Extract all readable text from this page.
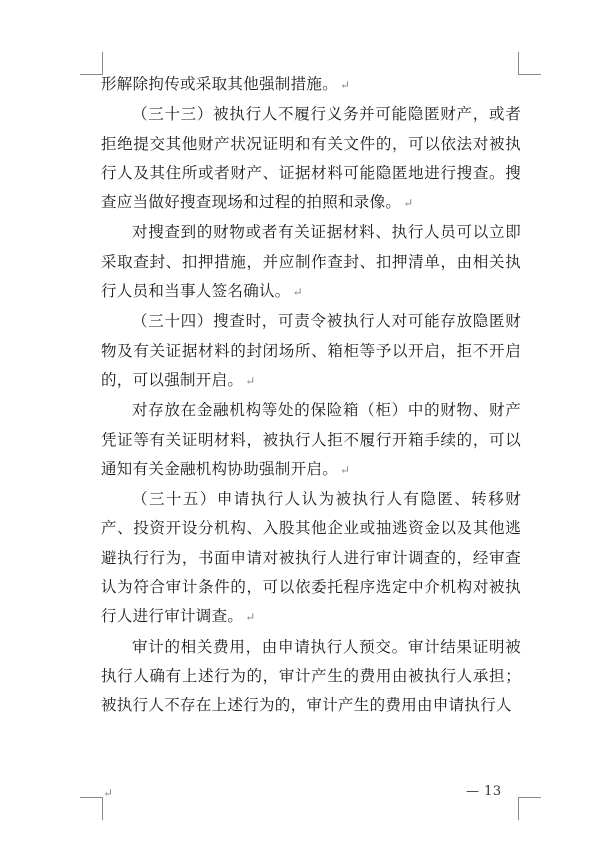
形解除拘传或采取其他强制措施。 ↵

（三十三）被执行人不履行义务并可能隐匿财产，或者拒绝提交其他财产状况证明和有关文件的，可以依法对被执行人及其住所或者财产、证据材料可能隐匿地进行搜查。搜查应当做好搜查现场和过程的拍照和录像。 ↵

对搜查到的财物或者有关证据材料、执行人员可以立即采取查封、扣押措施，并应制作查封、扣押清单，由相关执行人员和当事人签名确认。 ↵

（三十四）搜查时，可责令被执行人对可能存放隐匿财物及有关证据材料的封闭场所、箱柜等予以开启，拒不开启的，可以强制开启。 ↵

对存放在金融机构等处的保险箱（柜）中的财物、财产凭证等有关证明材料，被执行人拒不履行开箱手续的，可以通知有关金融机构协助强制开启。 ↵

（三十五）申请执行人认为被执行人有隐匿、转移财产、投资开设分机构、入股其他企业或抽逃资金以及其他逃避执行行为，书面申请对被执行人进行审计调查的，经审查认为符合审计条件的，可以依委托程序选定中介机构对被执行人进行审计调查。 ↵

审计的相关费用，由申请执行人预交。审计结果证明被执行人确有上述行为的，审计产生的费用由被执行人承担；被执行人不存在上述行为的，审计产生的费用由申请执行人

↵	— 13
